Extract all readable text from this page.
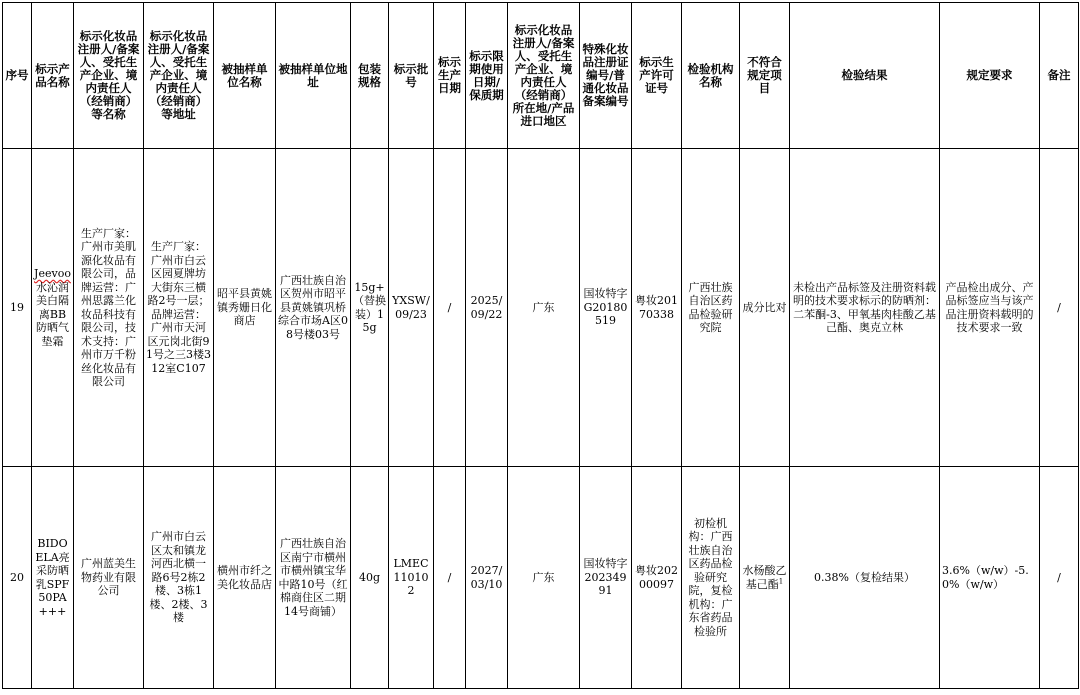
序号	标示产品名称	标示化妆品注册人/备案人、受托生产企业、境内责任人（经销商）等名称	标示化妆品注册人/备案人、受托生产企业、境内责任人（经销商）等地址	被抽样单位名称	被抽样单位地址	包装规格	标示批号	标示生产日期	标示限期使用日期/保质期	标示化妆品注册人/备案人、受托生产企业、境内责任人（经销商）所在地/产品进口地区	特殊化妆品注册证编号/普通化妆品备案编号	标示生产许可证号	检验机构名称	不符合规定项目	检验结果	规定要求	备注
19	Jeevoo水沁润美白隔离BB防晒气垫霜	生产厂家：广州市美肌源化妆品有限公司，品牌运营：广州思露兰化妆品科技有限公司，技术支持：广州市万千粉丝化妆品有限公司	生产厂家：广州市白云区园夏牌坊大街东三横路2号一层；品牌运营：广州市天河区元岗北街91号之三3楼312室C107	昭平县黄姚镇秀姗日化商店	广西壮族自治区贺州市昭平县黄姚镇巩桥综合市场A区08号楼03号	15g+（替换装）15g	YXSW/09/23	/	2025/09/22	广东	国妆特字G20180519	粤妆20170338	广西壮族自治区药品检验研究院	成分比对	未检出产品标签及注册资料载明的技术要求标示的防晒剂：二苯酮-3、甲氧基肉桂酸乙基己酯、奥克立林	产品检出成分、产品标签应当与该产品注册资料载明的技术要求一致	/
20	BIDOELA亮采防晒乳SPF50PA+++	广州蓝美生物药业有限公司	广州市白云区太和镇龙河西北横一路6号2栋2楼、3栋1楼、2楼、3楼	横州市纤之美化妆品店	广西壮族自治区南宁市横州市横州镇宝华中路10号（红棉商住区二期14号商铺）	40g	LMEC110102	/	2027/03/10	广东	国妆特字20234991	粤妆20200097	初检机构：广西壮族自治区药品检验研究院，复检机构：广东省药品检验所	水杨酸乙基己酯$^1$	0.38%（复检结果）	3.6%（w/w）-5.0%（w/w）	/
